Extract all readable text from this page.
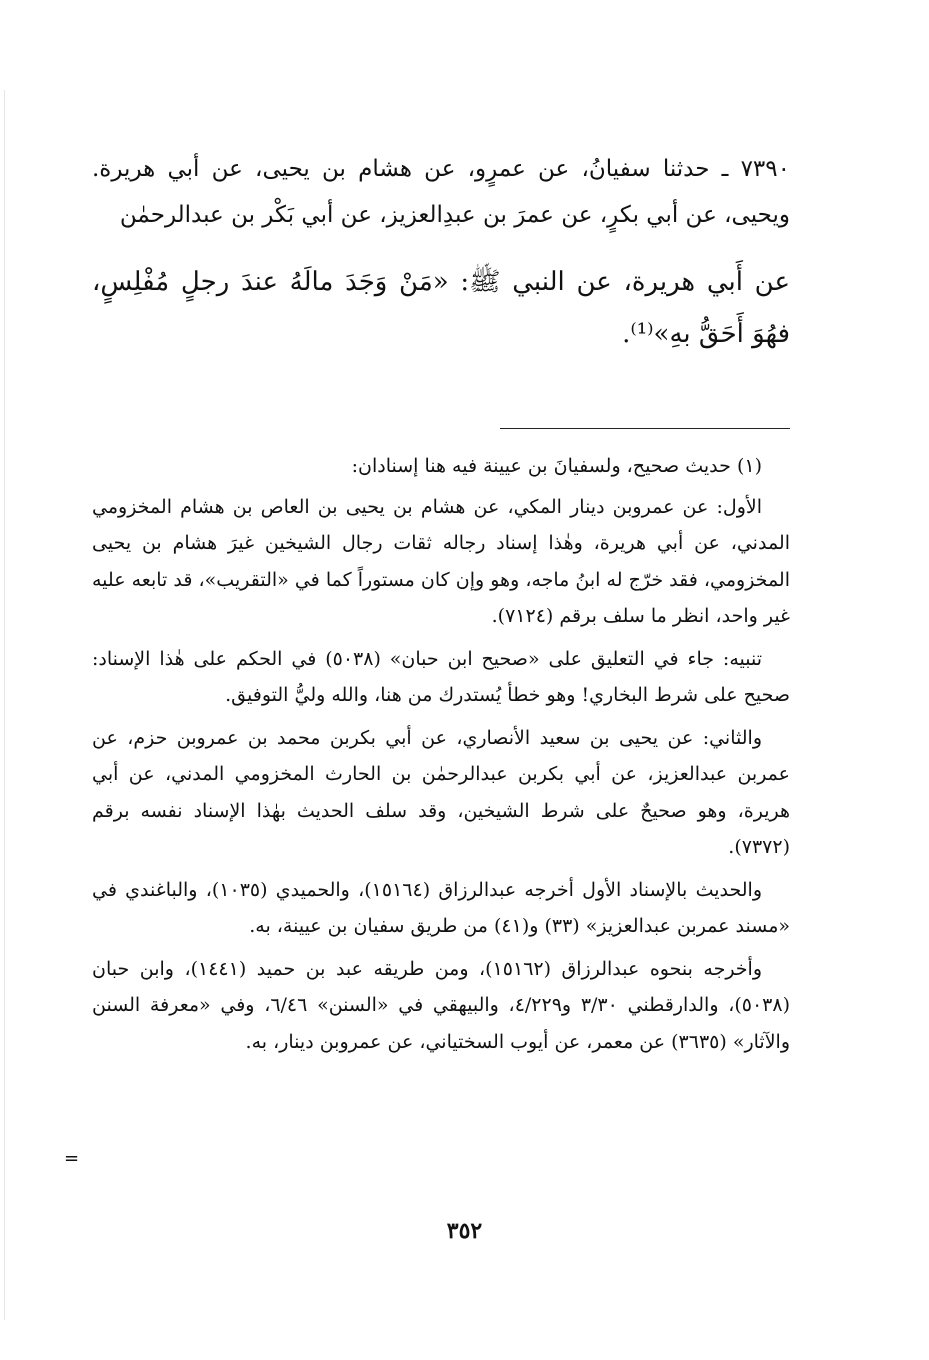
٧٣٩٠ ـ حدثنا سفيانُ، عن عمرٍو، عن هشام بن يحيى، عن أبي هريرة. ويحيى، عن أبي بكرٍ، عن عمرَ بن عبدِالعزيز، عن أبي بَكْر بن عبدالرحمٰن

عن أَبي هريرة، عن النبي ﷺ: «مَنْ وَجَدَ مالَهُ عندَ رجلٍ مُفْلِسٍ، فهُوَ أَحَقُّ بهِ»⁽¹⁾.

(١) حديث صحيح، ولسفيانَ بن عيينة فيه هنا إسنادان:

الأول: عن عمروبن دينار المكي، عن هشام بن يحيى بن العاص بن هشام المخزومي المدني، عن أبي هريرة، وهٰذا إسناد رجاله ثقات رجال الشيخين غيرَ هشام بن يحيى المخزومي، فقد خرّج له ابنُ ماجه، وهو وإن كان مستوراً كما في «التقريب»، قد تابعه عليه غير واحد، انظر ما سلف برقم (٧١٢٤).

تنبيه: جاء في التعليق على «صحيح ابن حبان» (٥٠٣٨) في الحكم على هٰذا الإسناد: صحيح على شرط البخاري! وهو خطأ يُستدرك من هنا، والله وليُّ التوفيق.

والثاني: عن يحيى بن سعيد الأنصاري، عن أبي بكربن محمد بن عمروبن حزم، عن عمربن عبدالعزيز، عن أبي بكربن عبدالرحمٰن بن الحارث المخزومي المدني، عن أبي هريرة، وهو صحيحٌ على شرط الشيخين، وقد سلف الحديث بهٰذا الإسناد نفسه برقم (٧٣٧٢).

والحديث بالإسناد الأول أخرجه عبدالرزاق (١٥١٦٤)، والحميدي (١٠٣٥)، والباغندي في «مسند عمربن عبدالعزيز» (٣٣) و(٤١) من طريق سفيان بن عيينة، به.

وأخرجه بنحوه عبدالرزاق (١٥١٦٢)، ومن طريقه عبد بن حميد (١٤٤١)، وابن حبان (٥٠٣٨)، والدارقطني ٣/٣٠ و٤/٢٢٩، والبيهقي في «السنن» ٦/٤٦، وفي «معرفة السنن والآثار» (٣٦٣٥) عن معمر، عن أيوب السختياني، عن عمروبن دينار، به.

=
٣٥٢
